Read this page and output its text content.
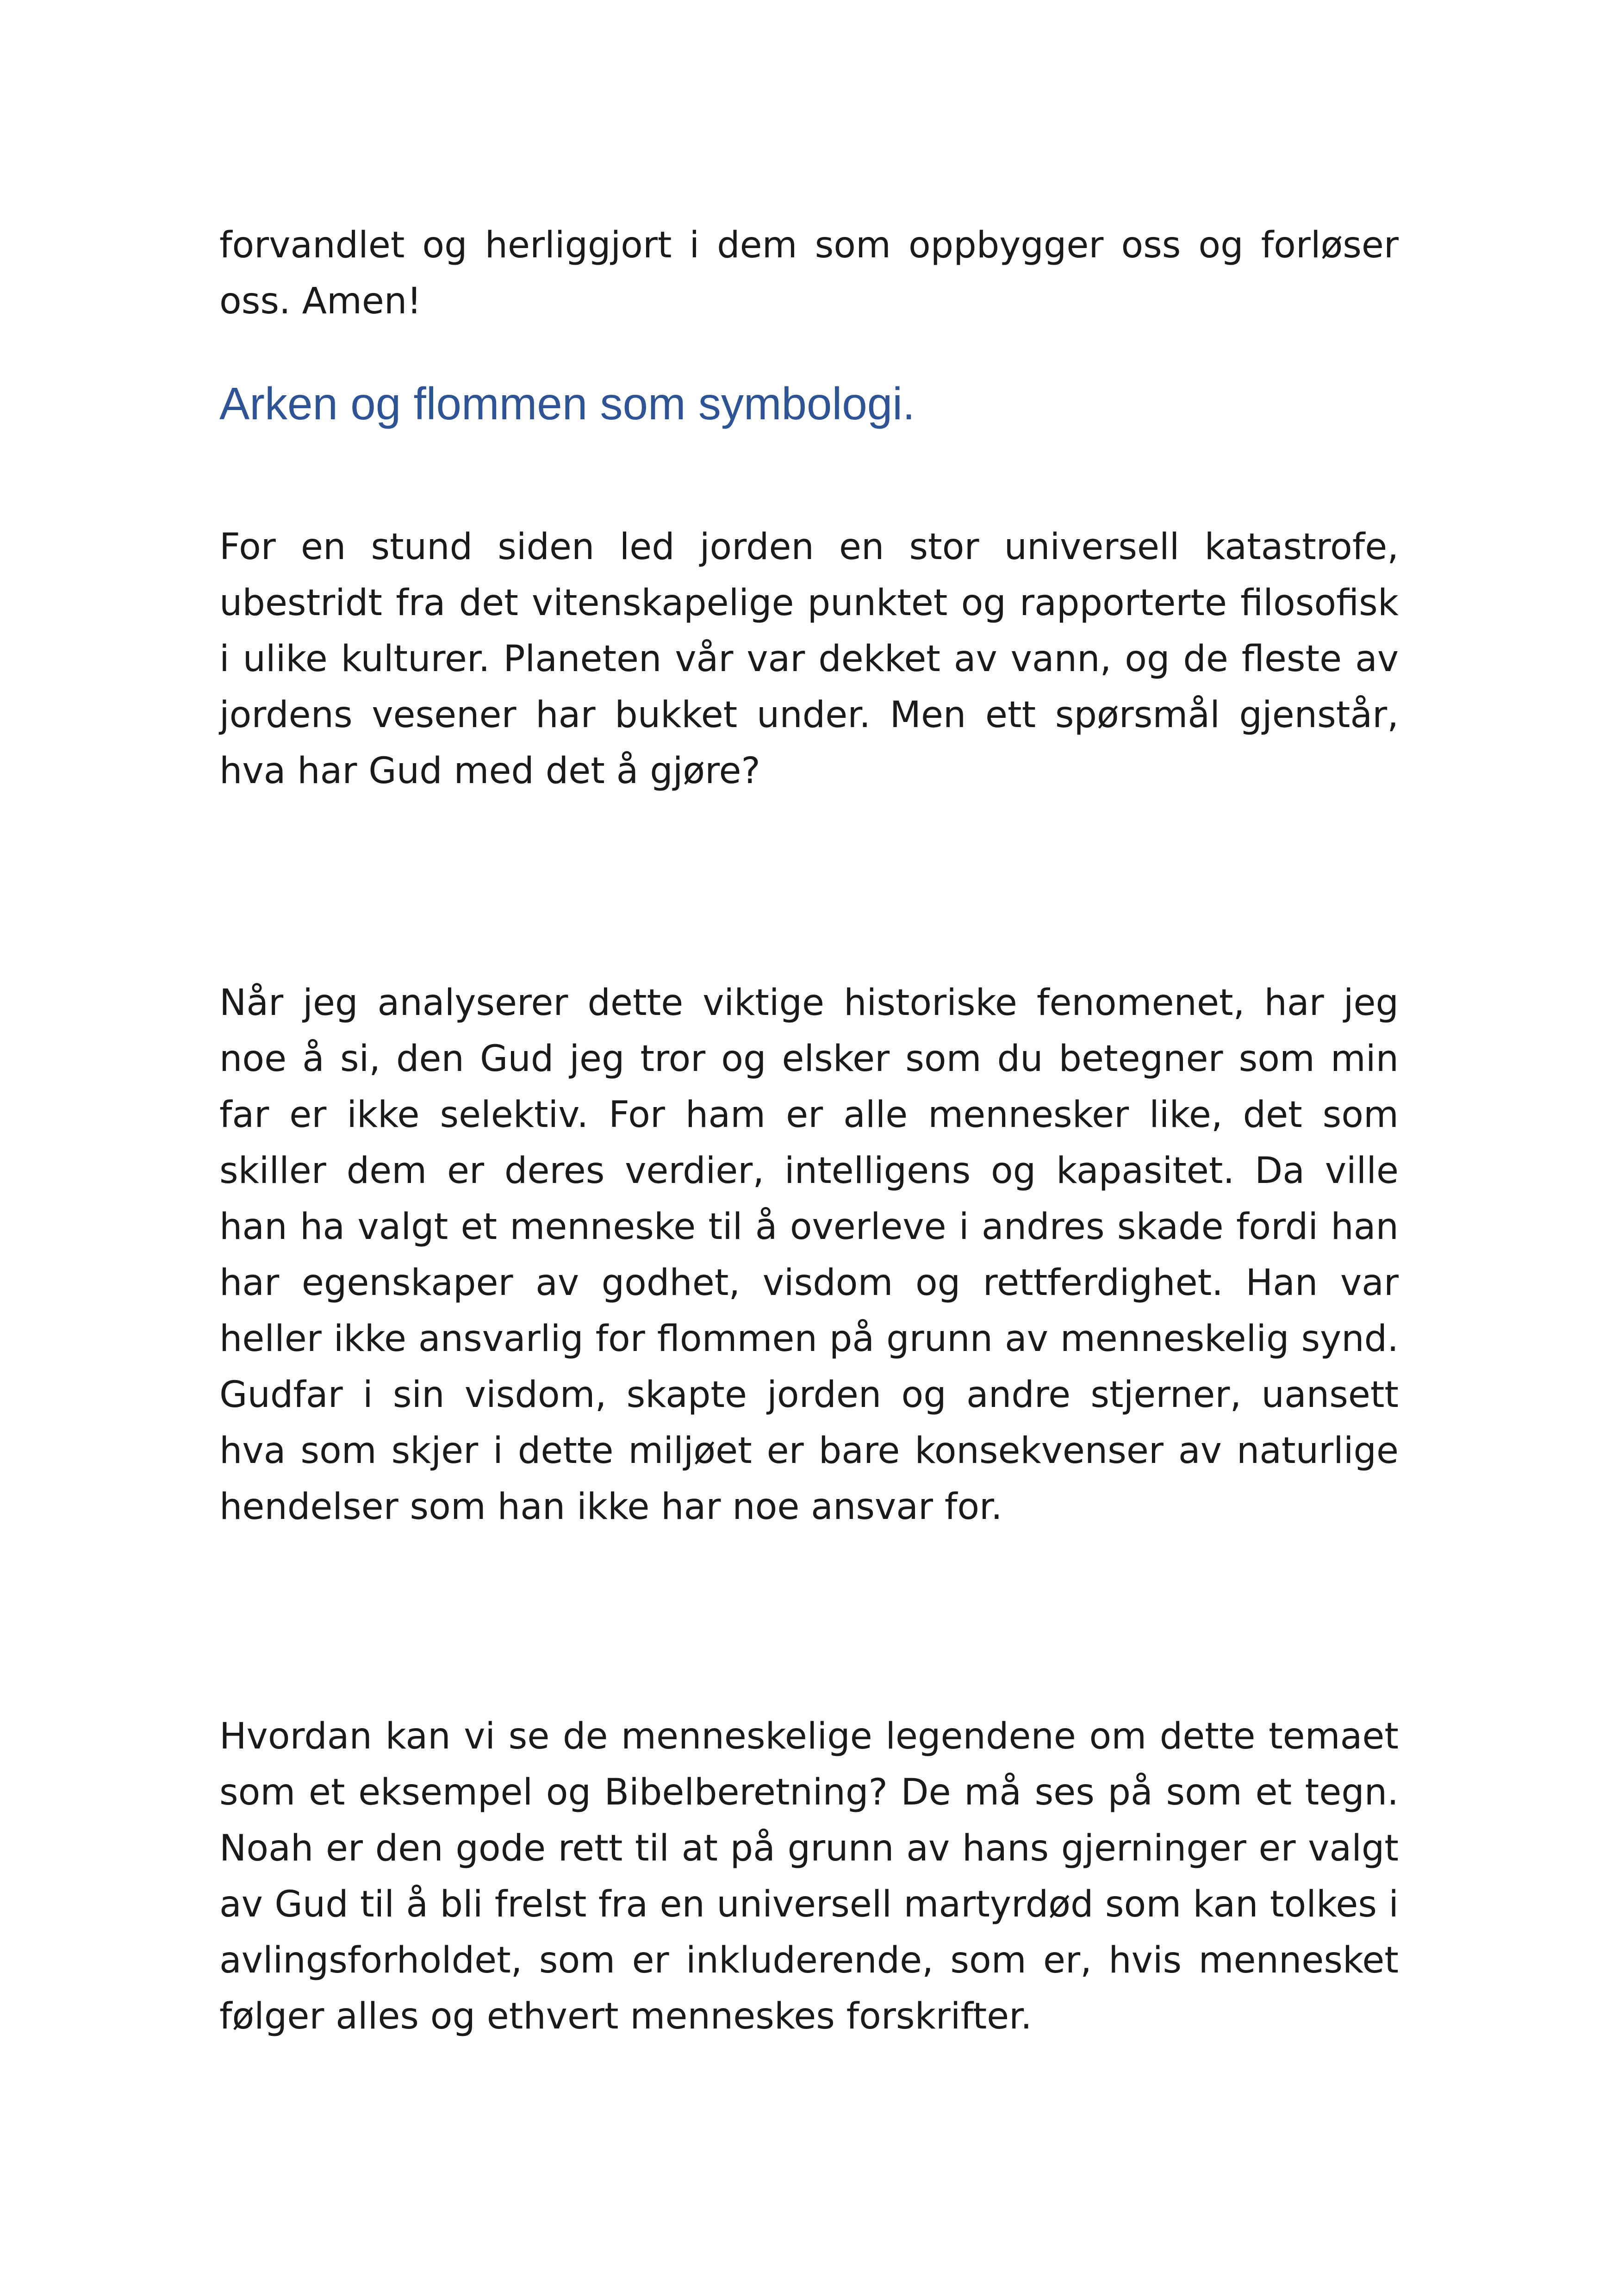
forvandlet og herliggjort i dem som oppbygger oss og forløser oss. Amen!

Arken og flommen som symbologi.

For en stund siden led jorden en stor universell katastrofe, ubestridt fra det vitenskapelige punktet og rapporterte filosofisk i ulike kulturer. Planeten vår var dekket av vann, og de fleste av jordens vesener har bukket under. Men ett spørsmål gjenstår, hva har Gud med det å gjøre?

Når jeg analyserer dette viktige historiske fenomenet, har jeg noe å si, den Gud jeg tror og elsker som du betegner som min far er ikke selektiv. For ham er alle mennesker like, det som skiller dem er deres verdier, intelligens og kapasitet. Da ville han ha valgt et menneske til å overleve i andres skade fordi han har egenskaper av godhet, visdom og rettferdighet. Han var heller ikke ansvarlig for flommen på grunn av menneskelig synd. Gudfar i sin visdom, skapte jorden og andre stjerner, uansett hva som skjer i dette miljøet er bare konsekvenser av naturlige hendelser som han ikke har noe ansvar for.

Hvordan kan vi se de menneskelige legendene om dette temaet som et eksempel og Bibelberetning? De må ses på som et tegn. Noah er den gode rett til at på grunn av hans gjerninger er valgt av Gud til å bli frelst fra en universell martyrdød som kan tolkes i avlingsforholdet, som er inkluderende, som er, hvis mennesket følger alles og ethvert menneskes forskrifter.
